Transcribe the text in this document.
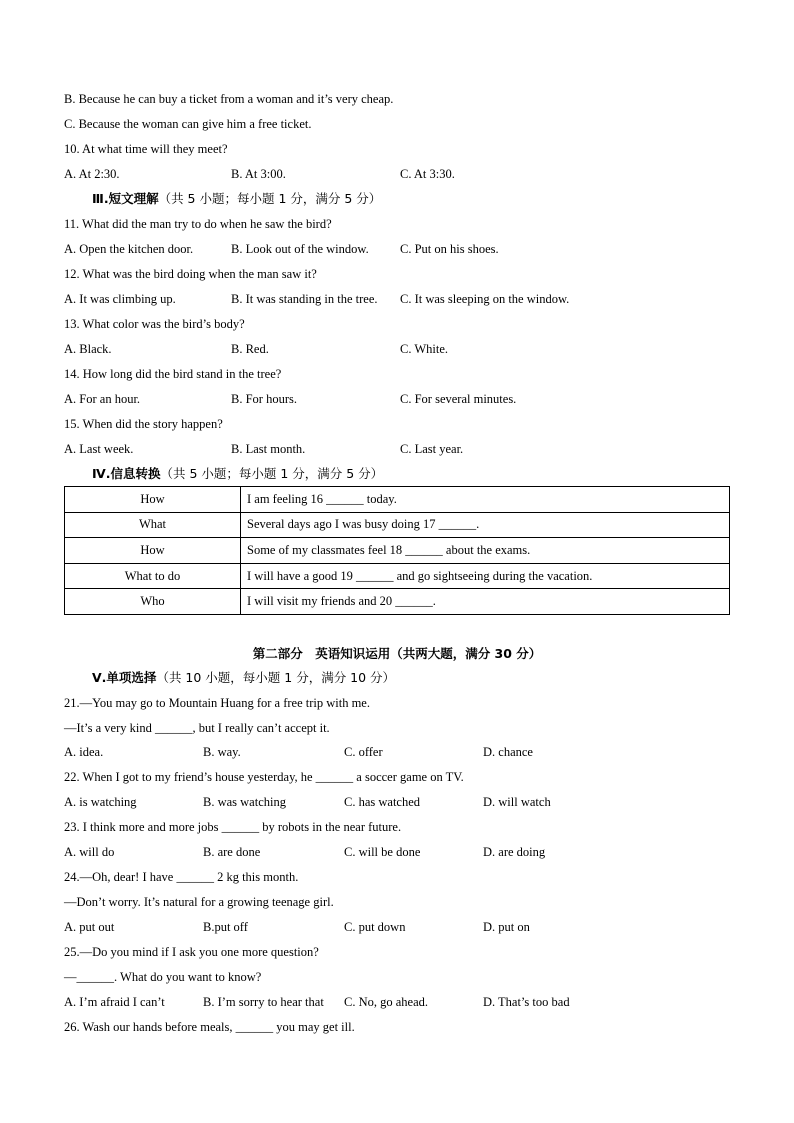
B. Because he can buy a ticket from a woman and it’s very cheap.
C. Because the woman can give him a free ticket.
10. At what time will they meet?
A. At 2:30.	B. At 3:00.	C. At 3:30.
Ⅲ.短文理解（共 5 小题；每小题 1 分，满分 5 分）
11. What did the man try to do when he saw the bird?
A. Open the kitchen door.	B. Look out of the window.	C. Put on his shoes.
12. What was the bird doing when the man saw it?
A. It was climbing up.	B. It was standing in the tree. C. It was sleeping on the window.
13. What color was the bird’s body?
A. Black.	B. Red.	C. White.
14. How long did the bird stand in the tree?
A. For an hour.	B. For hours.	C. For several minutes.
15. When did the story happen?
A. Last week.	B. Last month.	C. Last year.
Ⅳ.信息转换（共 5 小题；每小题 1 分，满分 5 分）
How	I am feeling 16 ______ today.
What	Several days ago I was busy doing 17 ______.
How	Some of my classmates feel 18 ______ about the exams.
What to do	I will have a good 19 ______ and go sightseeing during the vacation.
Who	I will visit my friends and 20 ______.
第二部分　英语知识运用（共两大题，满分 30 分）
Ⅴ.单项选择（共 10 小题，每小题 1 分，满分 10 分）
21.—You may go to Mountain Huang for a free trip with me.
—It’s a very kind ______, but I really can’t accept it.
A. idea.	B. way.	C. offer	D. chance
22. When I got to my friend’s house yesterday, he ______ a soccer game on TV.
A. is watching	B. was watching	C. has watched	D. will watch
23. I think more and more jobs ______ by robots in the near future.
A. will do	B. are done	C. will be done	D. are doing
24.—Oh, dear! I have ______ 2 kg this month.
—Don’t worry. It’s natural for a growing teenage girl.
A. put out	B.put off	C. put down	D. put on
25.—Do you mind if I ask you one more question?
—______. What do you want to know?
A. I’m afraid I can’t	B. I’m sorry to hear that C. No, go ahead.	D. That’s too bad
26. Wash our hands before meals, ______ you may get ill.
